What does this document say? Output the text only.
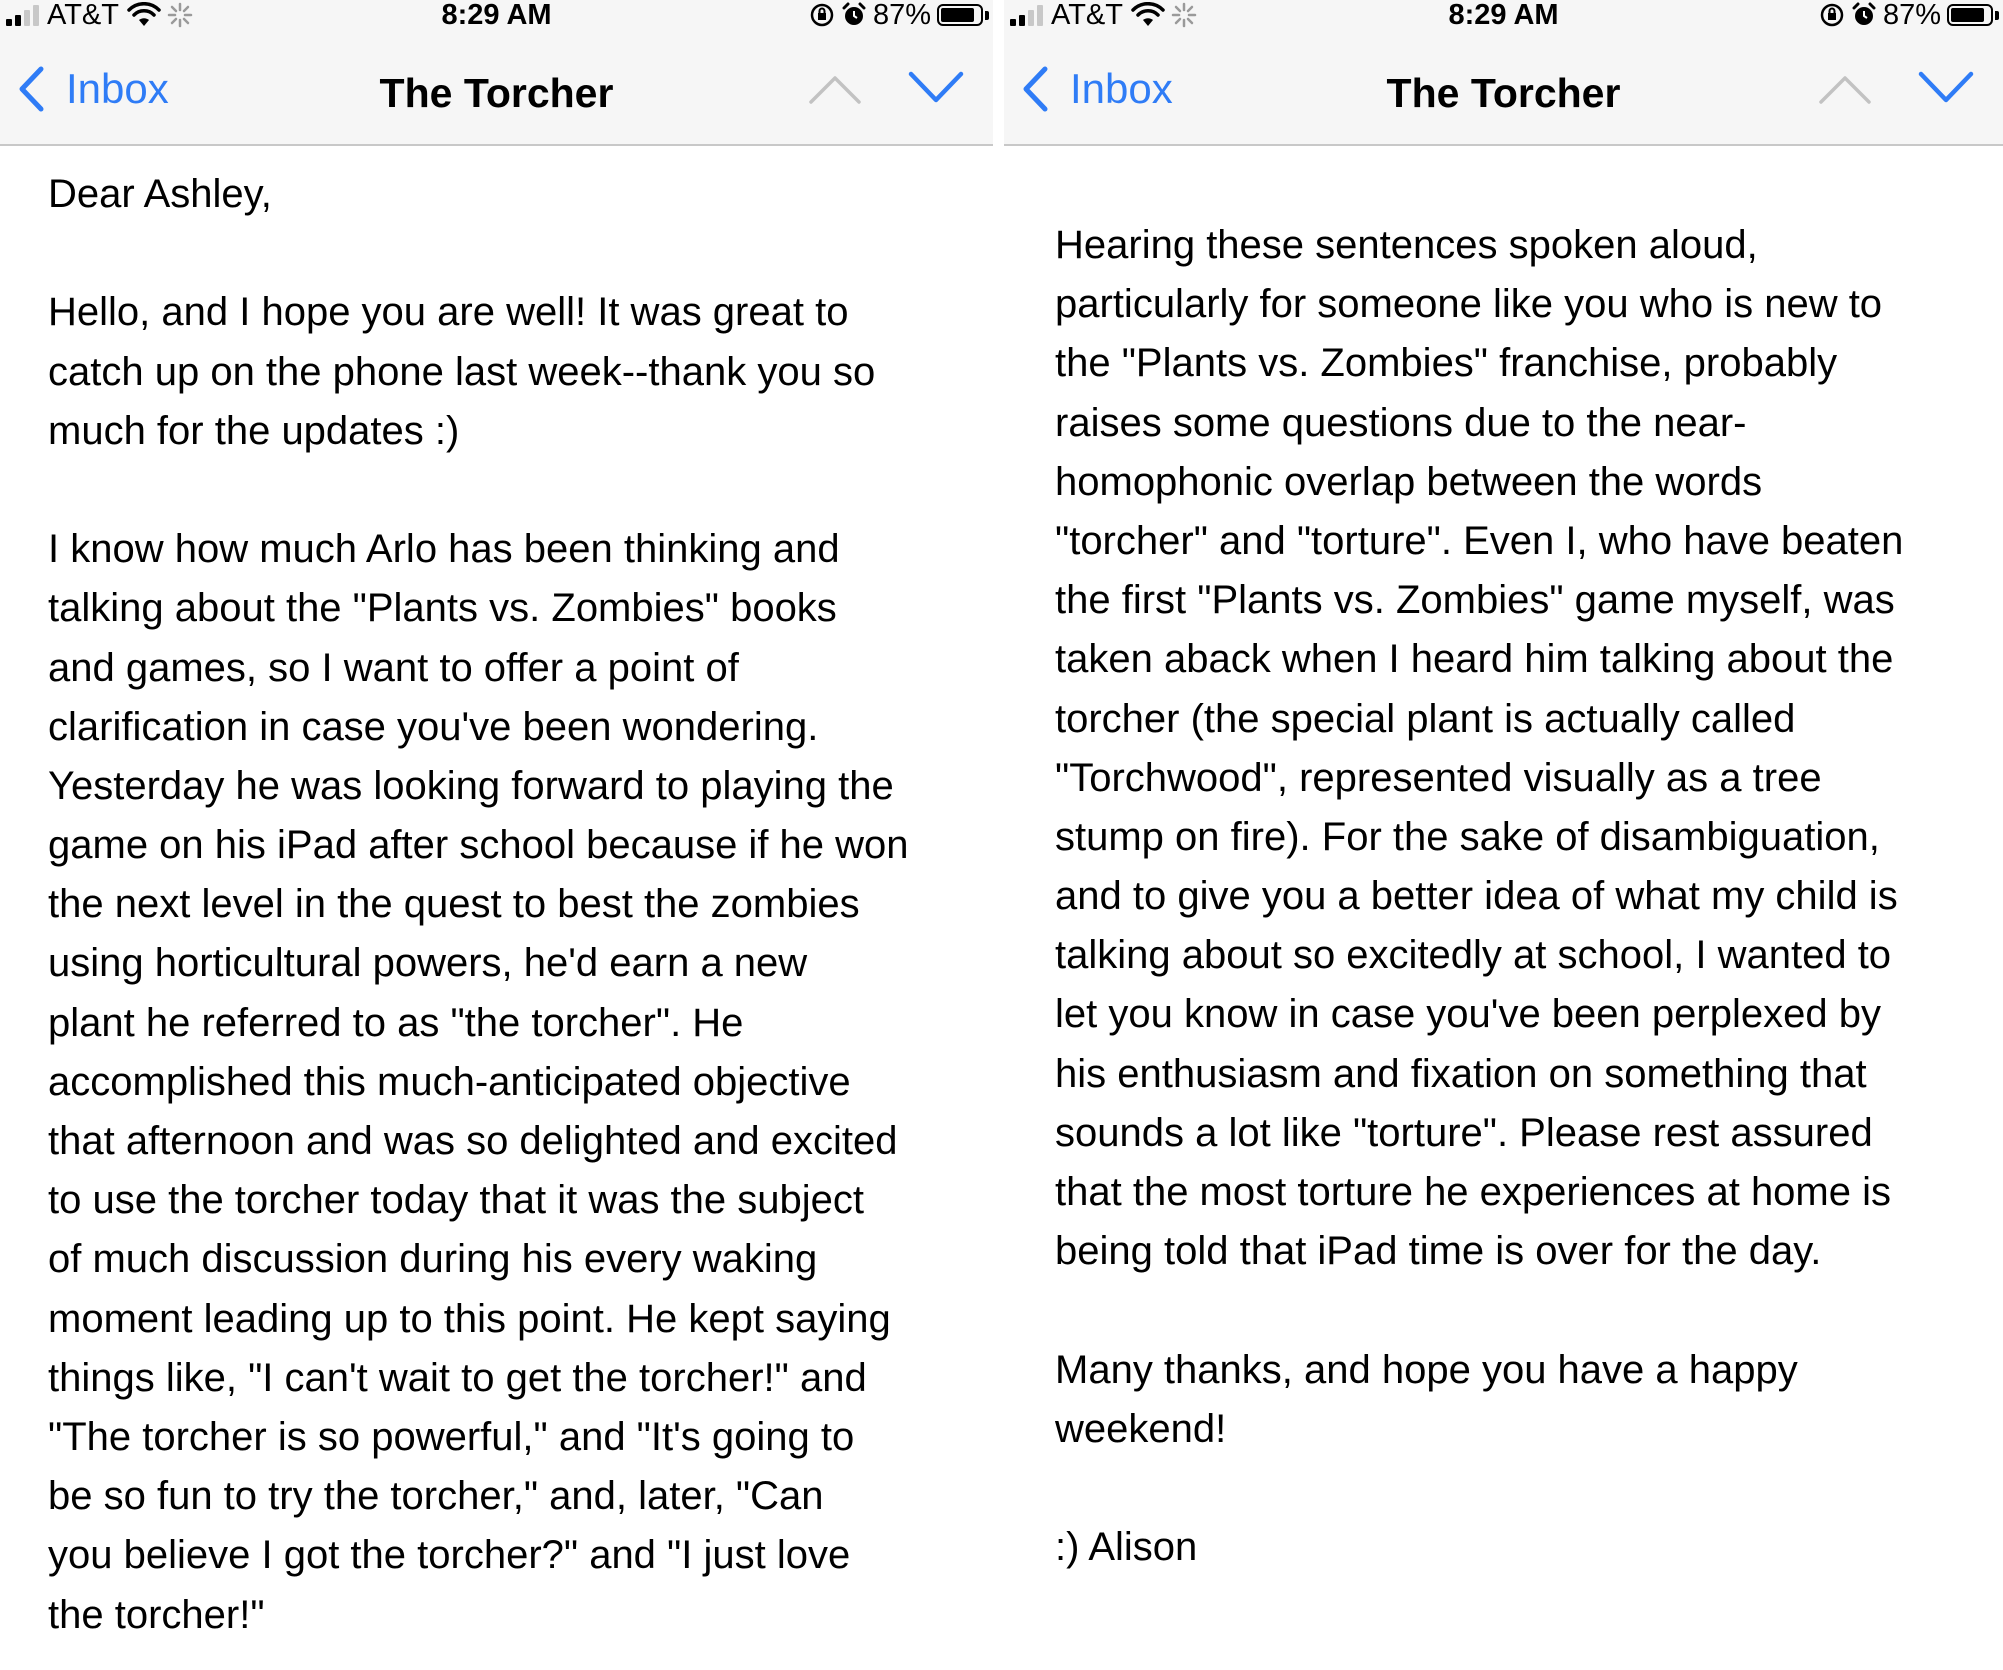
AT&T	8:29 AM	87%
Inbox	The Torcher
Dear Ashley,
Hello, and I hope you are well! It was great to
catch up on the phone last week--thank you so
much for the updates :)
I know how much Arlo has been thinking and
talking about the "Plants vs. Zombies" books
and games, so I want to offer a point of
clarification in case you've been wondering.
Yesterday he was looking forward to playing the
game on his iPad after school because if he won
the next level in the quest to best the zombies
using horticultural powers, he'd earn a new
plant he referred to as "the torcher". He
accomplished this much-anticipated objective
that afternoon and was so delighted and excited
to use the torcher today that it was the subject
of much discussion during his every waking
moment leading up to this point. He kept saying
things like, "I can't wait to get the torcher!" and
"The torcher is so powerful," and "It's going to
be so fun to try the torcher," and, later, "Can
you believe I got the torcher?" and "I just love
the torcher!"
AT&T	8:29 AM	87%
Inbox	The Torcher
Hearing these sentences spoken aloud,
particularly for someone like you who is new to
the "Plants vs. Zombies" franchise, probably
raises some questions due to the near-
homophonic overlap between the words
"torcher" and "torture". Even I, who have beaten
the first "Plants vs. Zombies" game myself, was
taken aback when I heard him talking about the
torcher (the special plant is actually called
"Torchwood", represented visually as a tree
stump on fire). For the sake of disambiguation,
and to give you a better idea of what my child is
talking about so excitedly at school, I wanted to
let you know in case you've been perplexed by
his enthusiasm and fixation on something that
sounds a lot like "torture". Please rest assured
that the most torture he experiences at home is
being told that iPad time is over for the day.
Many thanks, and hope you have a happy
weekend!
:) Alison
